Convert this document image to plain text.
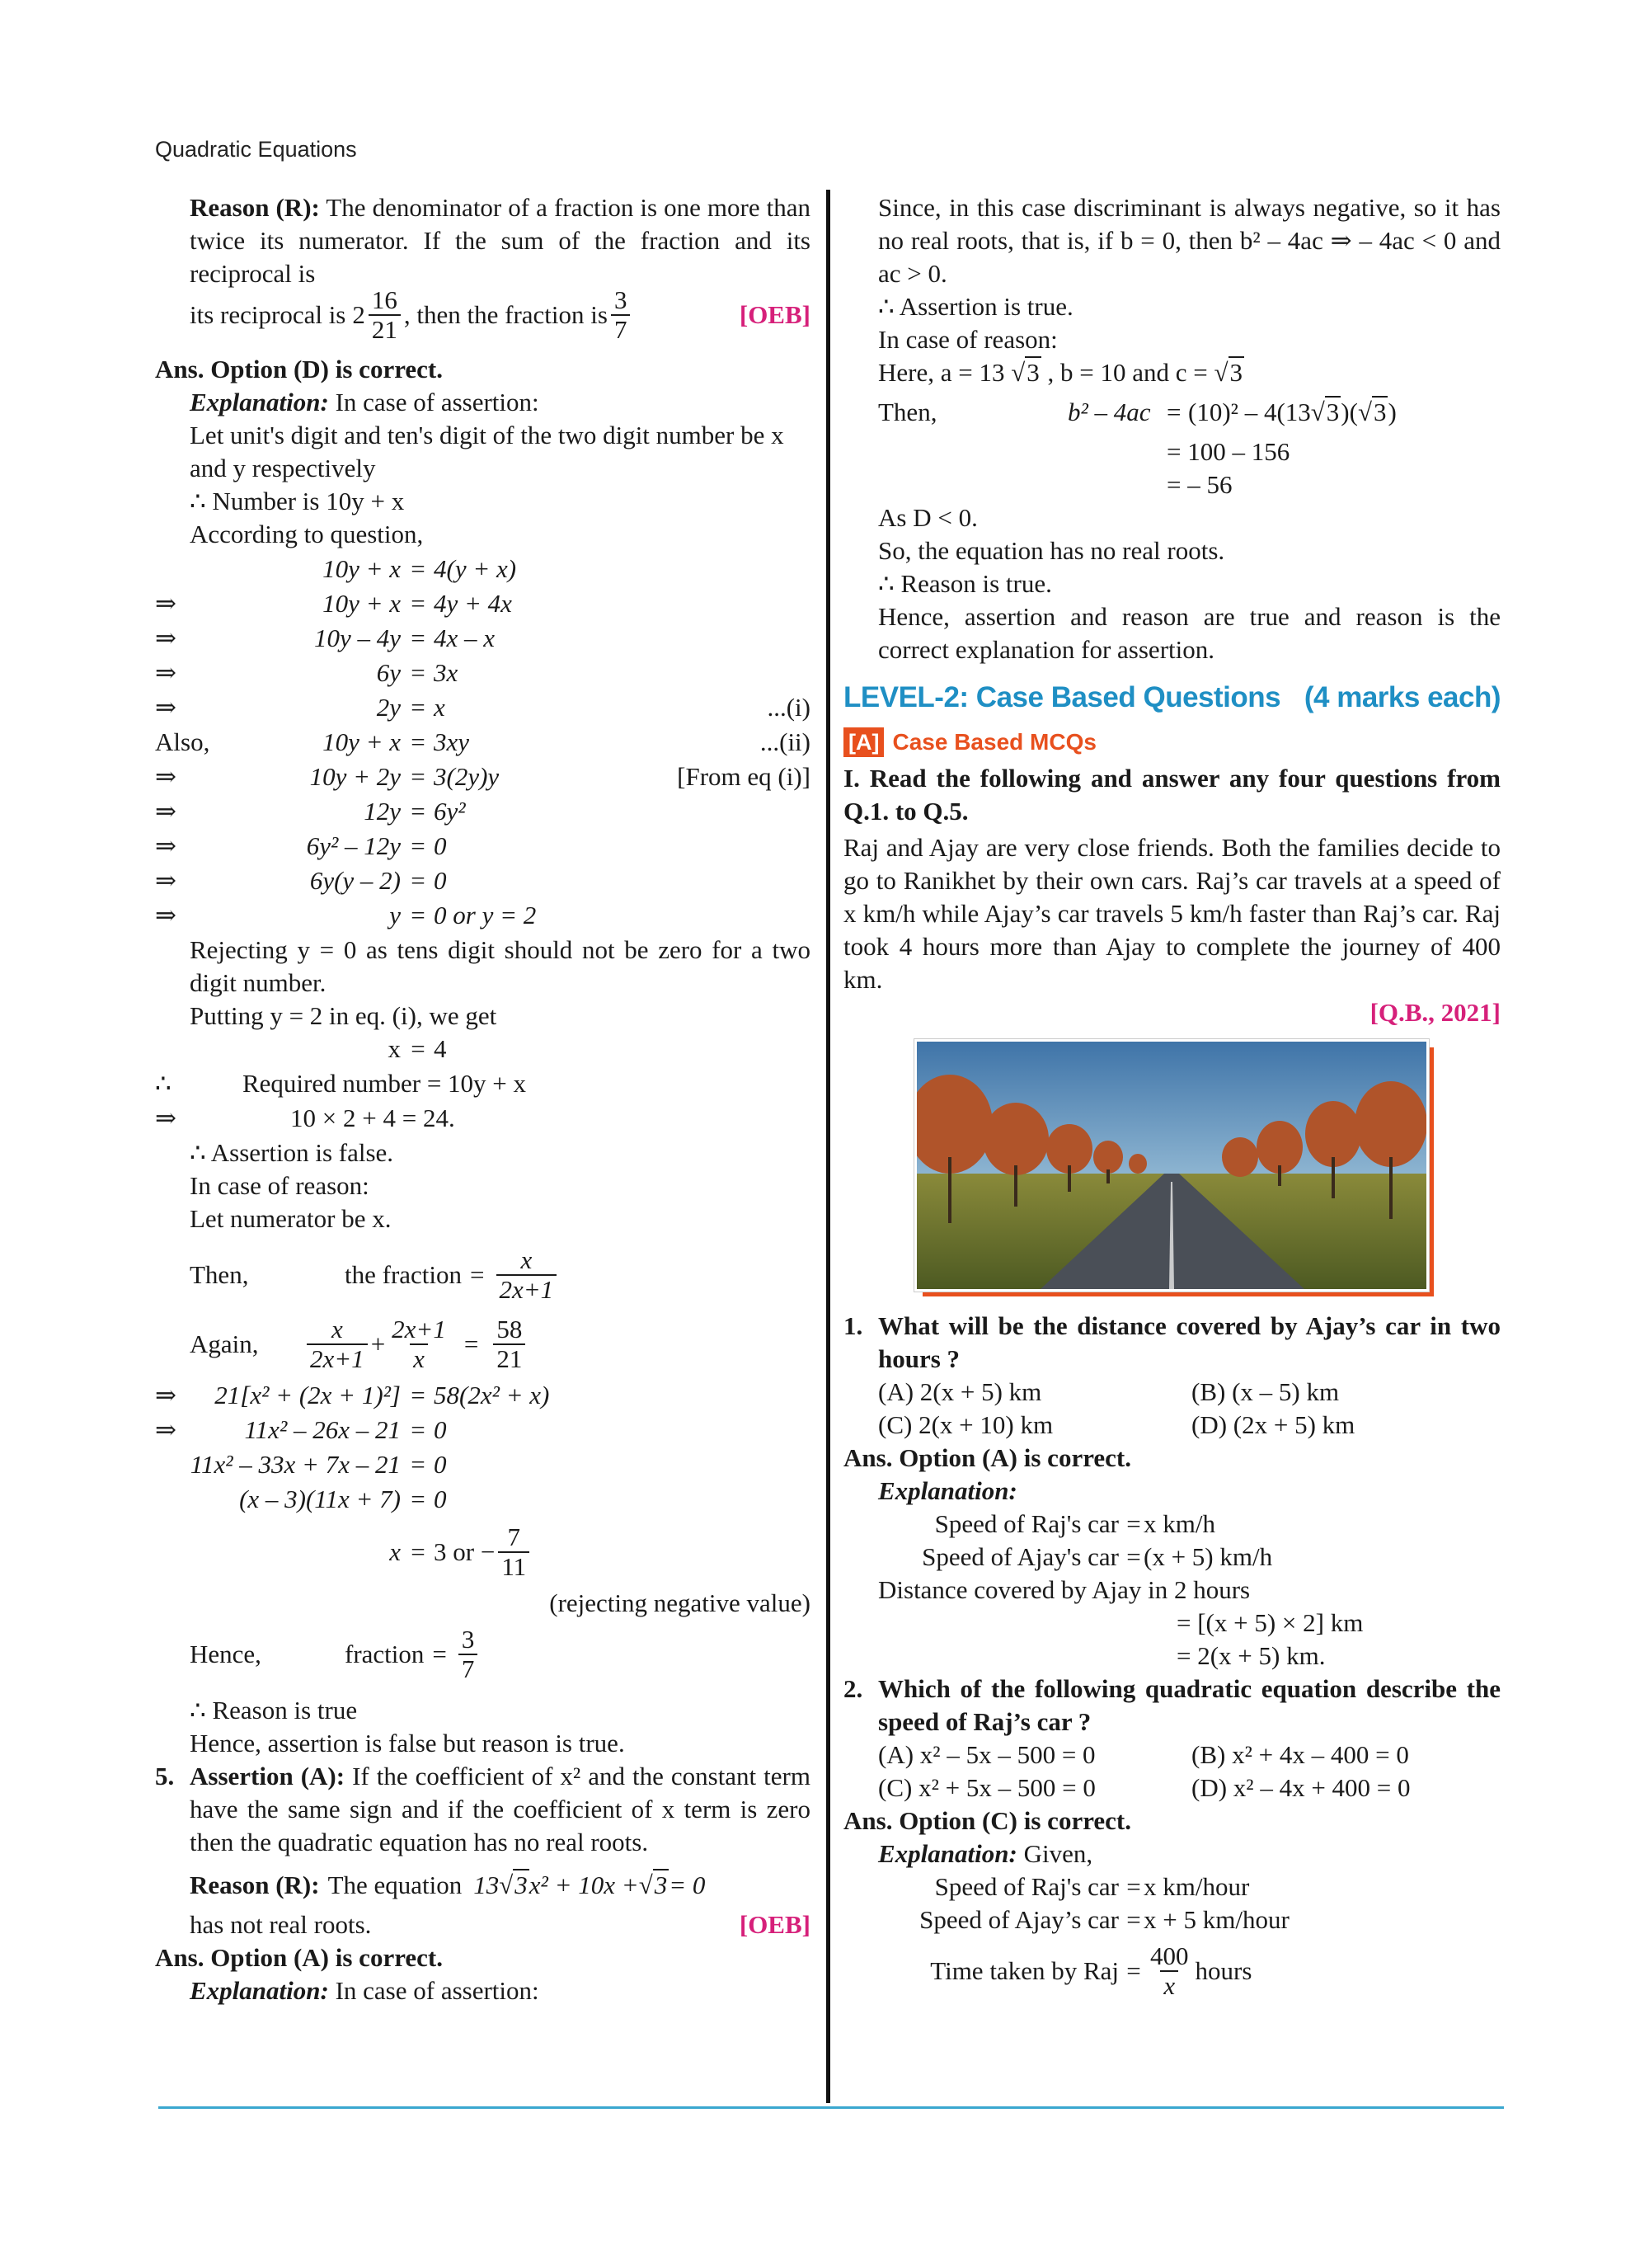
Quadratic Equations

Reason (R): The denominator of a fraction is one more than twice its numerator. If the sum of the fraction and its reciprocal is

its reciprocal is $2 \frac{16}{21}$ , then the fraction is $\frac{3}{7}$	[OEB]

Ans. Option (D) is correct.

Explanation: In case of assertion:

Let unit's digit and ten's digit of the two digit number be x and y respectively

∴ Number is 10y + x

According to question,

10y + x = 4(y + x)
⇒	10y + x = 4y + 4x
⇒	10y – 4y = 4x – x
⇒	6y = 3x
⇒	2y = x	...(i)
Also,	10y + x = 3xy	...(ii)
⇒	10y + 2y = 3(2y)y	[From eq (i)]
⇒	12y = 6y²
⇒	6y² – 12y = 0
⇒	6y(y – 2) = 0
⇒	y = 0 or y = 2

Rejecting y = 0 as tens digit should not be zero for a two digit number.

Putting y = 2 in eq. (i), we get

x = 4
∴	Required number = 10y + x
⇒	10 × 2 + 4 = 24.

∴ Assertion is false.

In case of reason:

Let numerator be x.

Then,	the fraction = $\frac{x}{2x+1}$
Again,	$\frac{x}{2x+1} + \frac{2x+1}{x} = \frac{58}{21}$
⇒	21[x² + (2x + 1)²] = 58(2x² + x)
⇒	11x² – 26x – 21 = 0
11x² – 33x + 7x – 21 = 0
(x – 3)(11x + 7) = 0
x = 3 or − $\frac{7}{11}$

(rejecting negative value)

Hence,	fraction = $\frac{3}{7}$

∴ Reason is true

Hence, assertion is false but reason is true.

5. Assertion (A): If the coefficient of x² and the constant term have the same sign and if the coefficient of x term is zero then the quadratic equation has no real roots.
Reason (R): The equation 13√3x² + 10x +√3= 0
has not real roots.	[OEB]

Ans. Option (A) is correct.

Explanation: In case of assertion:

Since, in this case discriminant is always negative, so it has no real roots, that is, if b = 0, then b² – 4ac ⇒ – 4ac < 0 and ac > 0.

∴ Assertion is true.

In case of reason:

Here, a = 13 √3 , b = 10 and c = √3

Then,	b² – 4ac = (10)² – 4(13√3)(√3)

= 100 – 156

= – 56

As D < 0.

So, the equation has no real roots.

∴ Reason is true.

Hence, assertion and reason are true and reason is the correct explanation for assertion.

LEVEL-2: Case Based Questions (4 marks each)
[A] Case Based MCQs

I. Read the following and answer any four questions from Q.1. to Q.5.

Raj and Ajay are very close friends. Both the families decide to go to Ranikhet by their own cars. Raj’s car travels at a speed of x km/h while Ajay’s car travels 5 km/h faster than Raj’s car. Raj took 4 hours more than Ajay to complete the journey of 400 km.

[Q.B., 2021]

1. What will be the distance covered by Ajay’s car in two hours ?
(A) 2(x + 5) km	(B) (x – 5) km
(C) 2(x + 10) km	(D) (2x + 5) km

Ans. Option (A) is correct.

Explanation:

Speed of Raj's car = x km/h
Speed of Ajay's car = (x + 5) km/h

Distance covered by Ajay in 2 hours

= [(x + 5) × 2] km

= 2(x + 5) km.

2. Which of the following quadratic equation describe the speed of Raj’s car ?
(A) x² – 5x – 500 = 0	(B) x² + 4x – 400 = 0
(C) x² + 5x – 500 = 0	(D) x² – 4x + 400 = 0

Ans. Option (C) is correct.

Explanation: Given,

Speed of Raj's car = x km/hour
Speed of Ajay’s car = x + 5 km/hour
Time taken by Raj = $\frac{400}{x}$ hours
